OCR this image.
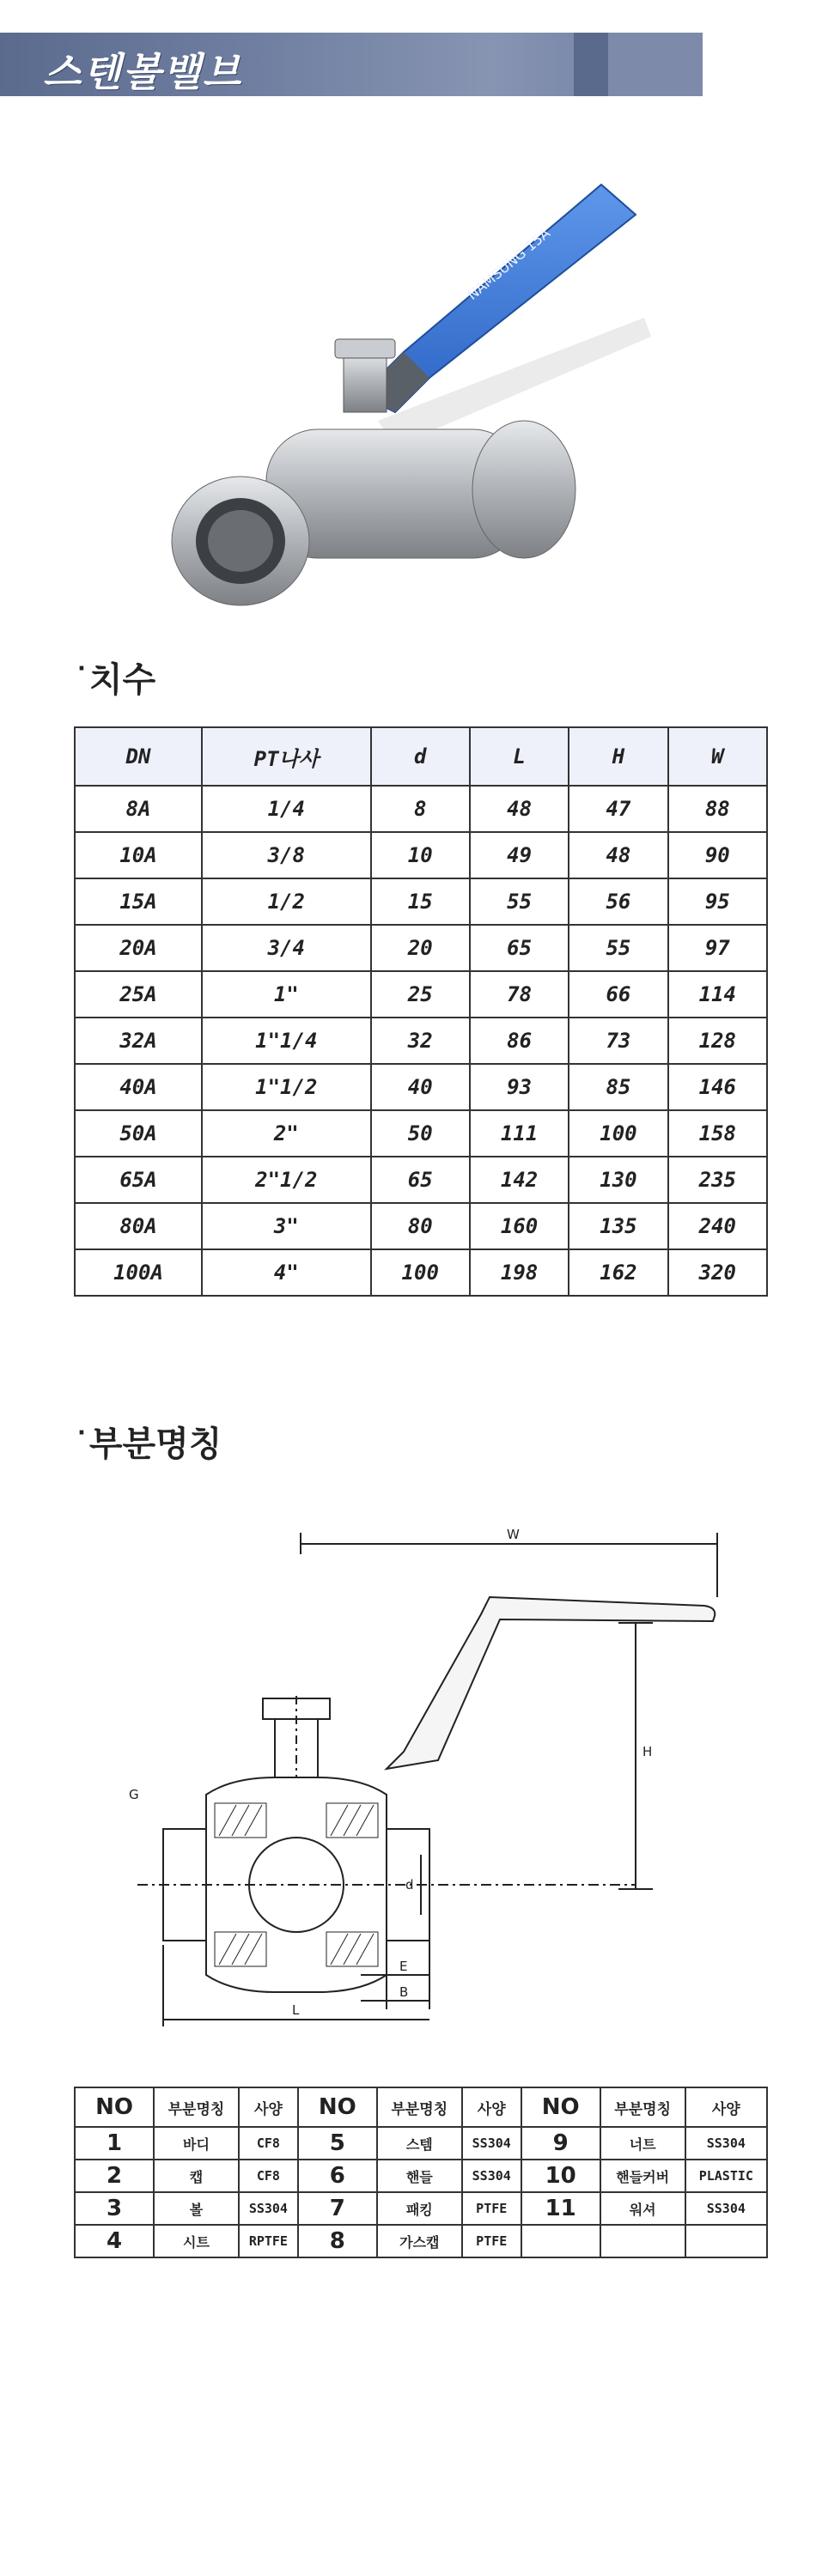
스텐볼밸브
NAMSUNG 15A
· 치수
DN	PT나사	d	L	H	W
8A	1/4	8	48	47	88
10A	3/8	10	49	48	90
15A	1/2	15	55	56	95
20A	3/4	20	65	55	97
25A	1"	25	78	66	114
32A	1"1/4	32	86	73	128
40A	1"1/2	40	93	85	146
50A	2"	50	111	100	158
65A	2"1/2	65	142	130	235
80A	3"	80	160	135	240
100A	4"	100	198	162	320
· 부분명칭
W
H
d
E
B
L
G
NO	부분명칭	사양	NO	부분명칭	사양	NO	부분명칭	사양
1	바디	CF8	5	스템	SS304	9	너트	SS304
2	캡	CF8	6	핸들	SS304	10	핸들커버	PLASTIC
3	볼	SS304	7	패킹	PTFE	11	워셔	SS304
4	시트	RPTFE	8	가스캡	PTFE			
